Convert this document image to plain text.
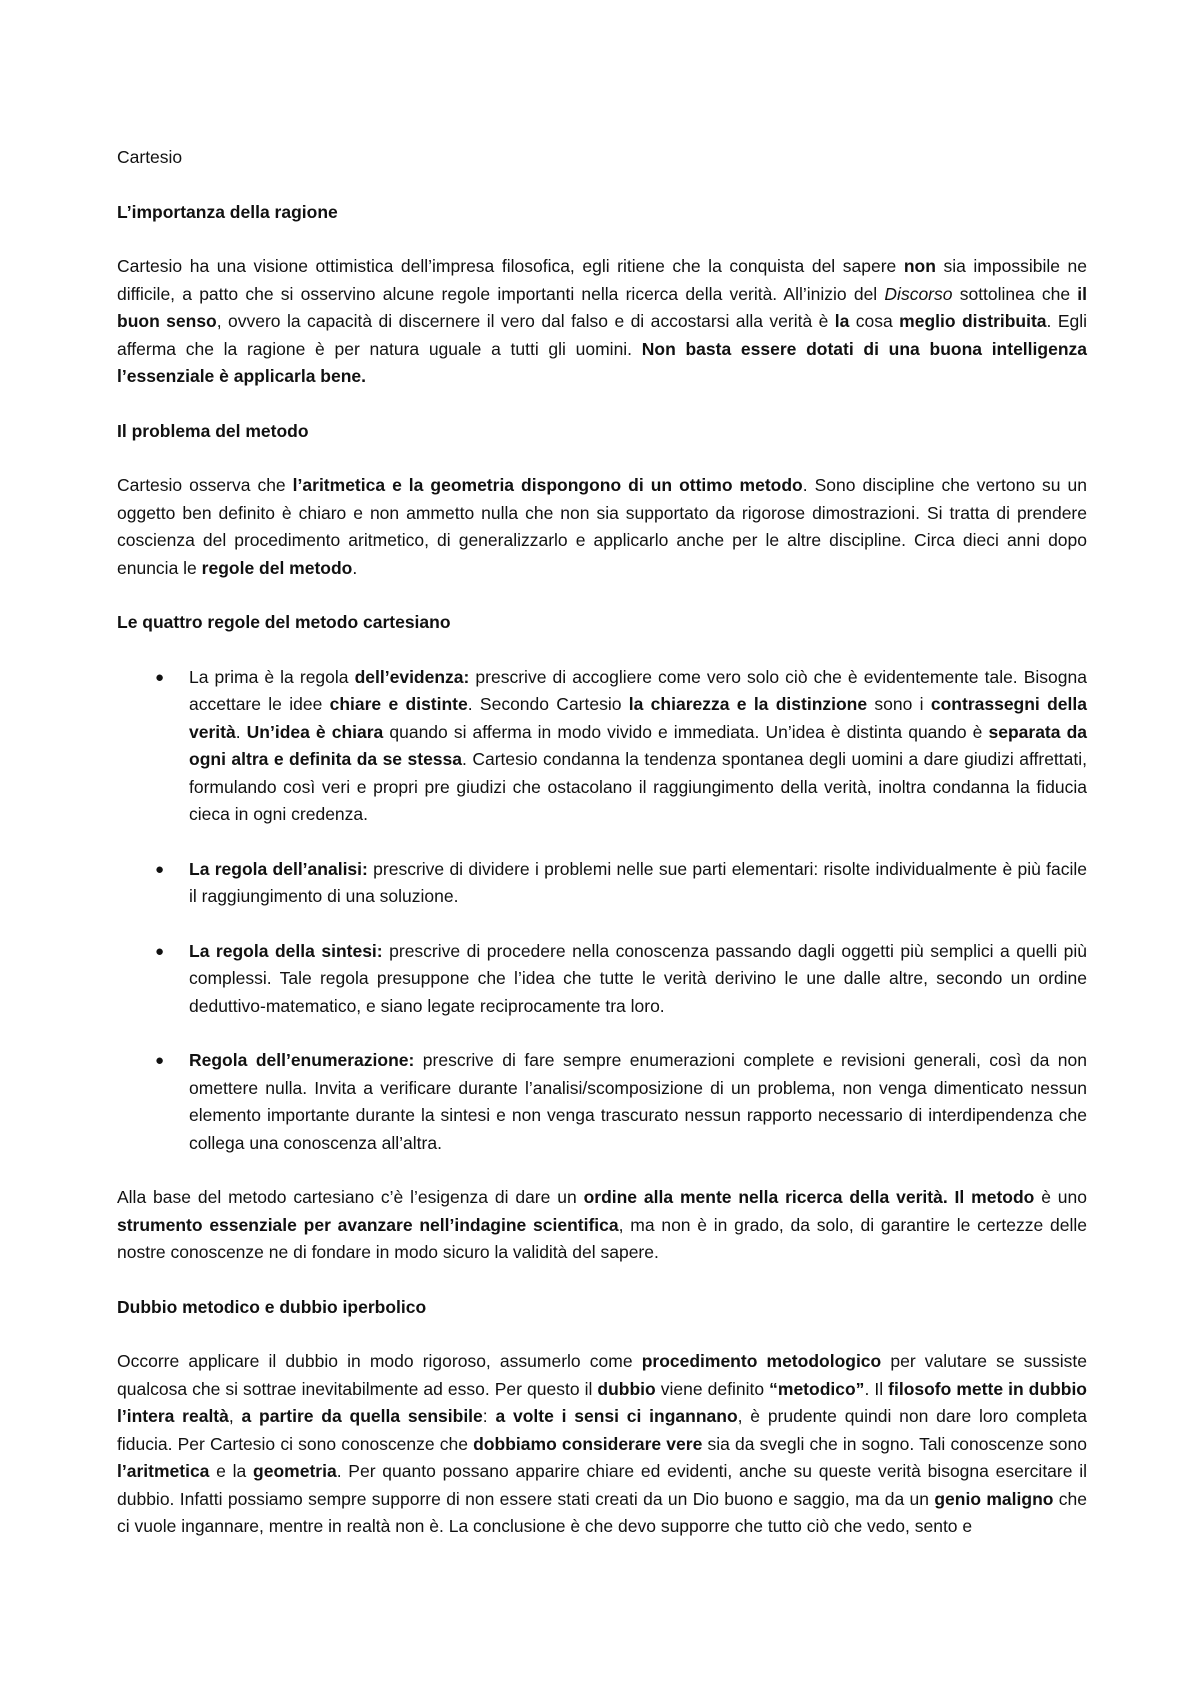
Cartesio
L’importanza della ragione

Cartesio ha una visione ottimistica dell’impresa filosofica, egli ritiene che la conquista del sapere non sia impossibile ne difficile, a patto che si osservino alcune regole importanti nella ricerca della verità. All’inizio del Discorso sottolinea che il buon senso, ovvero la capacità di discernere il vero dal falso e di accostarsi alla verità è la cosa meglio distribuita. Egli afferma che la ragione è per natura uguale a tutti gli uomini. Non basta essere dotati di una buona intelligenza l’essenziale è applicarla bene.

Il problema del metodo

Cartesio osserva che l’aritmetica e la geometria dispongono di un ottimo metodo. Sono discipline che vertono su un oggetto ben definito è chiaro e non ammetto nulla che non sia supportato da rigorose dimostrazioni. Si tratta di prendere coscienza del procedimento aritmetico, di generalizzarlo e applicarlo anche per le altre discipline. Circa dieci anni dopo enuncia le regole del metodo.

Le quattro regole del metodo cartesiano
● La prima è la regola dell’evidenza: prescrive di accogliere come vero solo ciò che è evidentemente tale. Bisogna accettare le idee chiare e distinte. Secondo Cartesio la chiarezza e la distinzione sono i contrassegni della verità. Un’idea è chiara quando si afferma in modo vivido e immediata. Un’idea è distinta quando è separata da ogni altra e definita da se stessa. Cartesio condanna la tendenza spontanea degli uomini a dare giudizi affrettati, formulando così veri e propri pre giudizi che ostacolano il raggiungimento della verità, inoltra condanna la fiducia cieca in ogni credenza.
● La regola dell’analisi: prescrive di dividere i problemi nelle sue parti elementari: risolte individualmente è più facile il raggiungimento di una soluzione.
● La regola della sintesi: prescrive di procedere nella conoscenza passando dagli oggetti più semplici a quelli più complessi. Tale regola presuppone che l’idea che tutte le verità derivino le une dalle altre, secondo un ordine deduttivo-matematico, e siano legate reciprocamente tra loro.
● Regola dell’enumerazione: prescrive di fare sempre enumerazioni complete e revisioni generali, così da non omettere nulla. Invita a verificare durante l’analisi/scomposizione di un problema, non venga dimenticato nessun elemento importante durante la sintesi e non venga trascurato nessun rapporto necessario di interdipendenza che collega una conoscenza all’altra.

Alla base del metodo cartesiano c’è l’esigenza di dare un ordine alla mente nella ricerca della verità. Il metodo è uno strumento essenziale per avanzare nell’indagine scientifica, ma non è in grado, da solo, di garantire le certezze delle nostre conoscenze ne di fondare in modo sicuro la validità del sapere.

Dubbio metodico e dubbio iperbolico

Occorre applicare il dubbio in modo rigoroso, assumerlo come procedimento metodologico per valutare se sussiste qualcosa che si sottrae inevitabilmente ad esso. Per questo il dubbio viene definito “metodico”. Il filosofo mette in dubbio l’intera realtà, a partire da quella sensibile: a volte i sensi ci ingannano, è prudente quindi non dare loro completa fiducia. Per Cartesio ci sono conoscenze che dobbiamo considerare vere sia da svegli che in sogno. Tali conoscenze sono l’aritmetica e la geometria. Per quanto possano apparire chiare ed evidenti, anche su queste verità bisogna esercitare il dubbio. Infatti possiamo sempre supporre di non essere stati creati da un Dio buono e saggio, ma da un genio maligno che ci vuole ingannare, mentre in realtà non è. La conclusione è che devo supporre che tutto ciò che vedo, sento e
